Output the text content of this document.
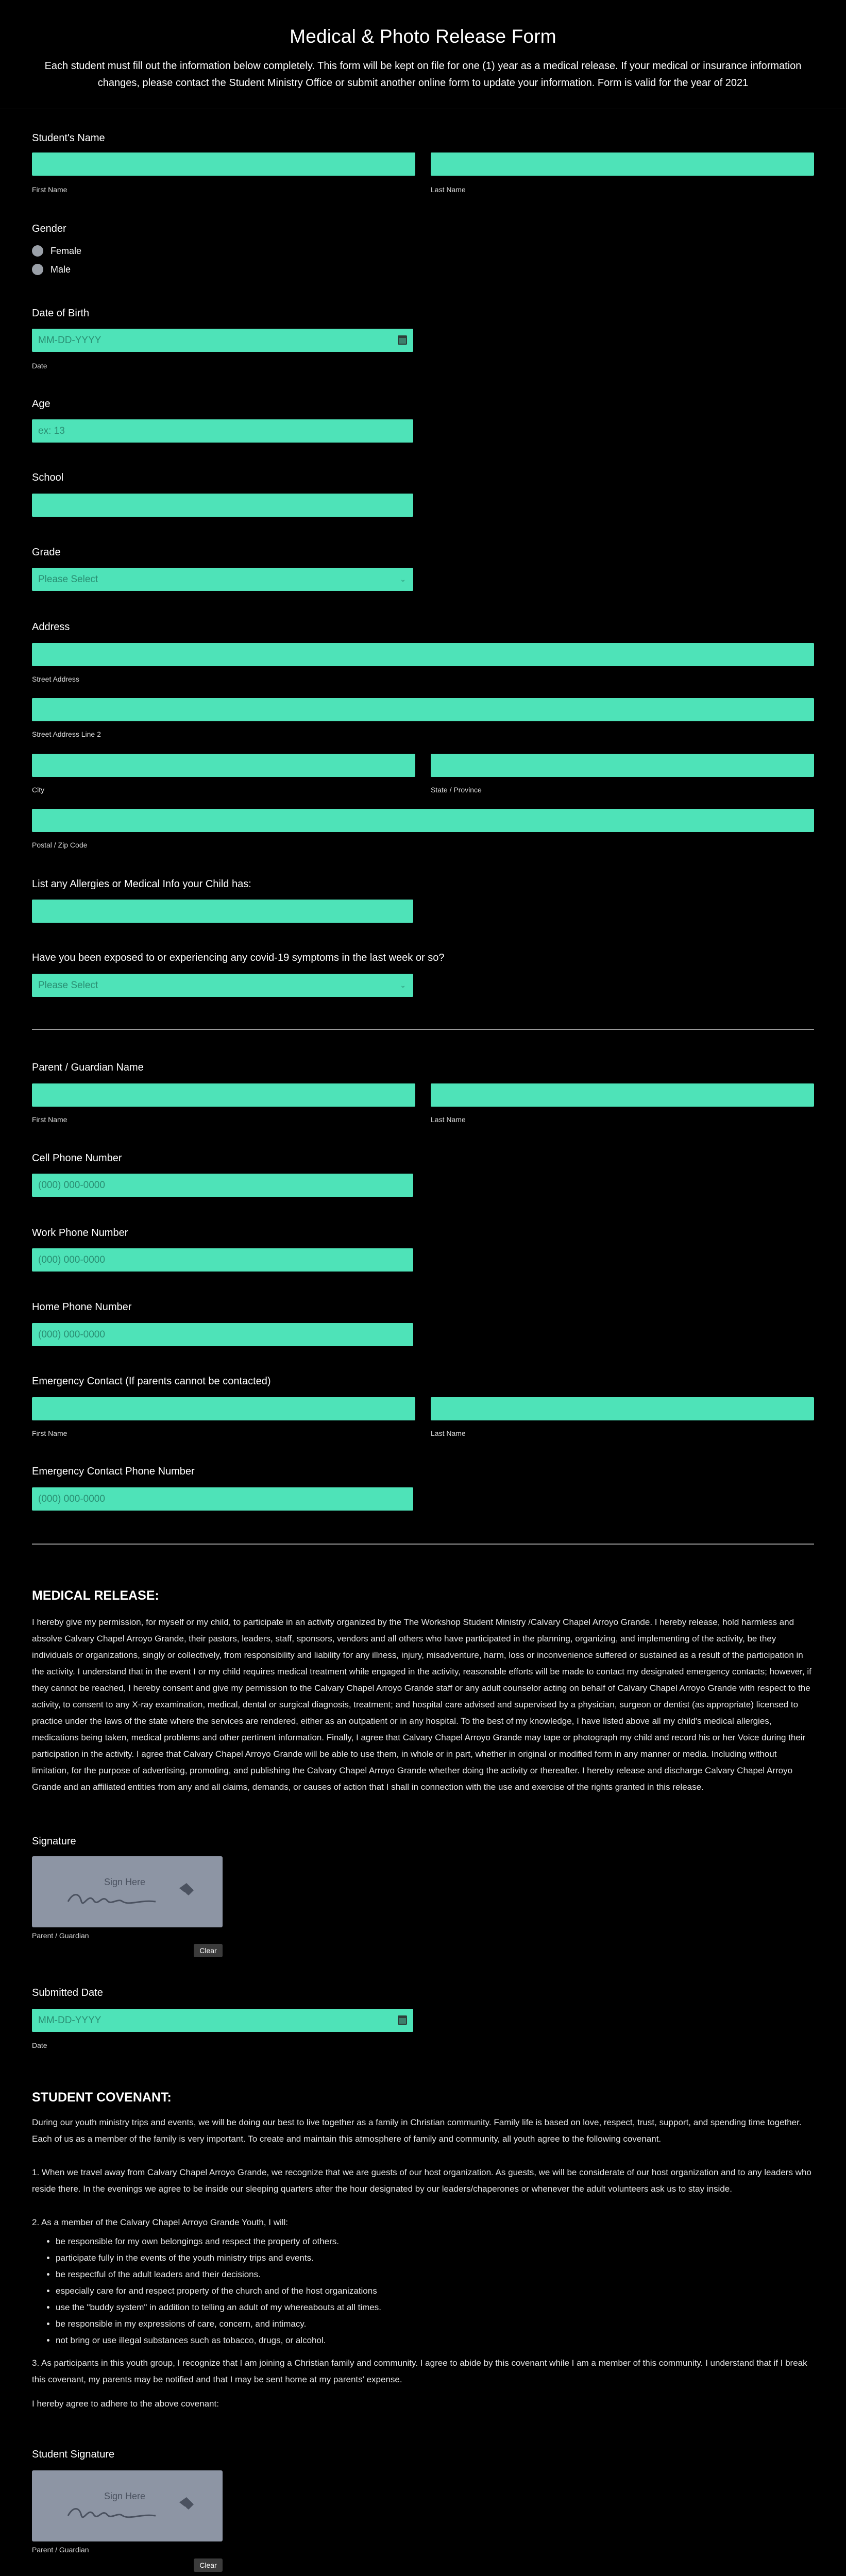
Medical & Photo Release Form

Each student must fill out the information below completely. This form will be kept on file for one (1) year as a medical release. If your medical or insurance information changes, please contact the Student Ministry Office or submit another online form to update your information. Form is valid for the year of 2021

Student's Name
First Name	Last Name
Gender
Female
Male
Date of Birth
MM-DD-YYYY
Date
Age
ex: 13
School
Grade
Please Select	⌄
Address
Street Address
Street Address Line 2
City	State / Province
Postal / Zip Code
List any Allergies or Medical Info your Child has:
Have you been exposed to or experiencing any covid-19 symptoms in the last week or so?
Please Select	⌄
Parent / Guardian Name
First Name	Last Name
Cell Phone Number
(000) 000-0000
Work Phone Number
(000) 000-0000
Home Phone Number
(000) 000-0000
Emergency Contact (If parents cannot be contacted)
First Name	Last Name
Emergency Contact Phone Number
(000) 000-0000
MEDICAL RELEASE:
I hereby give my permission, for myself or my child, to participate in an activity organized by the The Workshop Student Ministry /Calvary Chapel Arroyo Grande. I hereby release, hold harmless and absolve Calvary Chapel Arroyo Grande, their pastors, leaders, staff, sponsors, vendors and all others who have participated in the planning, organizing, and implementing of the activity, be they individuals or organizations, singly or collectively, from responsibility and liability for any illness, injury, misadventure, harm, loss or inconvenience suffered or sustained as a result of the participation in the activity. I understand that in the event I or my child requires medical treatment while engaged in the activity, reasonable efforts will be made to contact my designated emergency contacts; however, if they cannot be reached, I hereby consent and give my permission to the Calvary Chapel Arroyo Grande staff or any adult counselor acting on behalf of Calvary Chapel Arroyo Grande with respect to the activity, to consent to any X-ray examination, medical, dental or surgical diagnosis, treatment; and hospital care advised and supervised by a physician, surgeon or dentist (as appropriate) licensed to practice under the laws of the state where the services are rendered, either as an outpatient or in any hospital. To the best of my knowledge, I have listed above all my child's medical allergies, medications being taken, medical problems and other pertinent information. Finally, I agree that Calvary Chapel Arroyo Grande may tape or photograph my child and record his or her Voice during their participation in the activity. I agree that Calvary Chapel Arroyo Grande will be able to use them, in whole or in part, whether in original or modified form in any manner or media. Including without limitation, for the purpose of advertising, promoting, and publishing the Calvary Chapel Arroyo Grande whether doing the activity or thereafter. I hereby release and discharge Calvary Chapel Arroyo Grande and an affiliated entities from any and all claims, demands, or causes of action that I shall in connection with the use and exercise of the rights granted in this release.
Signature
Sign Here
Parent / Guardian
Clear
Submitted Date
MM-DD-YYYY
Date
STUDENT COVENANT:
During our youth ministry trips and events, we will be doing our best to live together as a family in Christian community. Family life is based on love, respect, trust, support, and spending time together. Each of us as a member of the family is very important. To create and maintain this atmosphere of family and community, all youth agree to the following covenant.
1. When we travel away from Calvary Chapel Arroyo Grande, we recognize that we are guests of our host organization. As guests, we will be considerate of our host organization and to any leaders who reside there. In the evenings we agree to be inside our sleeping quarters after the hour designated by our leaders/chaperones or whenever the adult volunteers ask us to stay inside.
2. As a member of the Calvary Chapel Arroyo Grande Youth, I will:
• be responsible for my own belongings and respect the property of others.
• participate fully in the events of the youth ministry trips and events.
• be respectful of the adult leaders and their decisions.
• especially care for and respect property of the church and of the host organizations
• use the "buddy system" in addition to telling an adult of my whereabouts at all times.
• be responsible in my expressions of care, concern, and intimacy.
• not bring or use illegal substances such as tobacco, drugs, or alcohol.
3. As participants in this youth group, I recognize that I am joining a Christian family and community. I agree to abide by this covenant while I am a member of this community. I understand that if I break this covenant, my parents may be notified and that I may be sent home at my parents' expense.
I hereby agree to adhere to the above covenant:
Student Signature
Sign Here
Parent / Guardian
Clear
